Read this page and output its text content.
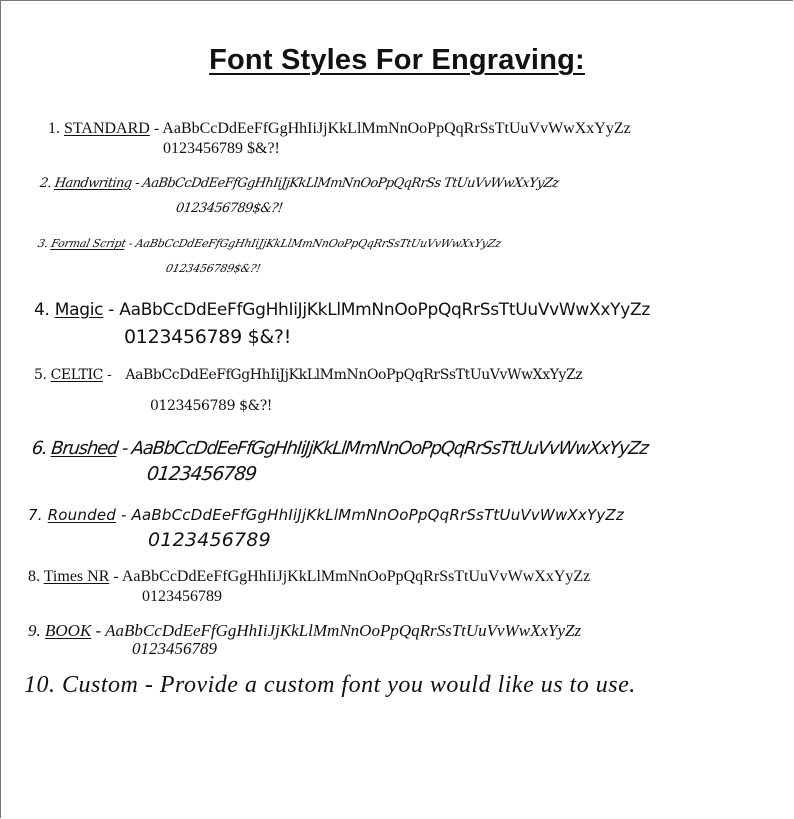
Font Styles For Engraving:
1. STANDARD - AaBbCcDdEeFfGgHhIiJjKkLlMmNnOoPpQqRrSsTtUuVvWwXxYyZz
0123456789 $&?!
2. Handwriting - AaBbCcDdEeFfGgHhIiJjKkLlMmNnOoPpQqRrSs TtUuVvWwXxYyZz
0123456789$&?!
3. Formal Script - AaBbCcDdEeFfGgHhIiJjKkLlMmNnOoPpQqRrSsTtUuVvWwXxYyZz
0123456789$&?!
4. Magic - AaBbCcDdEeFfGgHhIiJjKkLlMmNnOoPpQqRrSsTtUuVvWwXxYyZz
0123456789 $&?!
5. CELTIC - AaBbCcDdEeFfGgHhIiJjKkLlMmNnOoPpQqRrSsTtUuVvWwXxYyZz
0123456789 $&?!
6. Brushed - AaBbCcDdEeFfGgHhIiJjKkLlMmNnOoPpQqRrSsTtUuVvWwXxYyZz
0123456789
7. Rounded - AaBbCcDdEeFfGgHhIiJjKkLlMmNnOoPpQqRrSsTtUuVvWwXxYyZz
0123456789
8. Times NR - AaBbCcDdEeFfGgHhIiJjKkLlMmNnOoPpQqRrSsTtUuVvWwXxYyZz
0123456789
9. BOOK - AaBbCcDdEeFfGgHhIiJjKkLlMmNnOoPpQqRrSsTtUuVvWwXxYyZz
0123456789
10. Custom - Provide a custom font you would like us to use.
